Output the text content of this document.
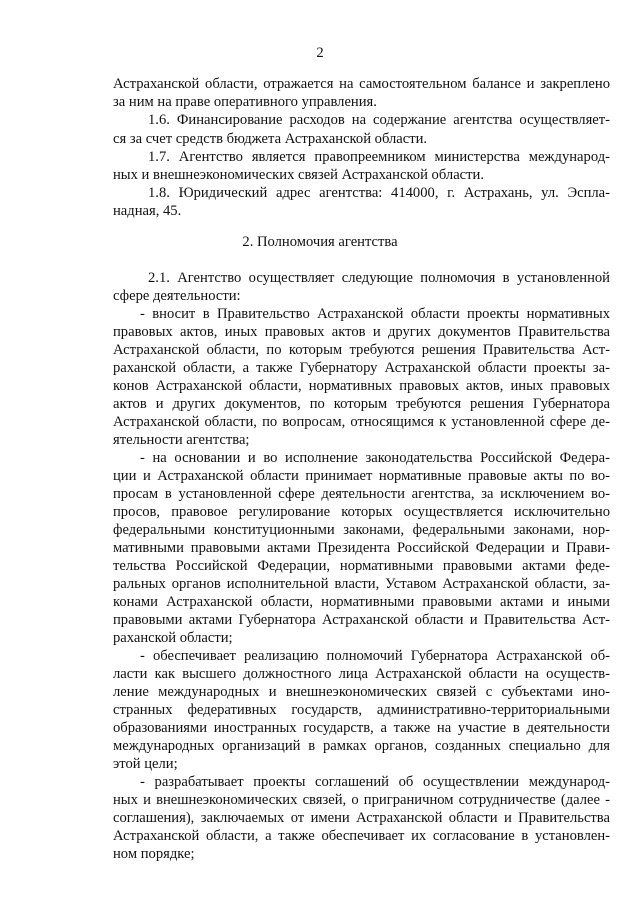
2
Астраханской области, отражается на самостоятельном балансе и закреплено
за ним на праве оперативного управления.
1.6. Финансирование расходов на содержание агентства осуществляет-
ся за счет средств бюджета Астраханской области.
1.7. Агентство является правопреемником министерства международ-
ных и внешнеэкономических связей Астраханской области.
1.8. Юридический адрес агентства: 414000, г. Астрахань, ул. Эспла-
надная, 45.
2. Полномочия агентства
2.1. Агентство осуществляет следующие полномочия в установленной
сфере деятельности:
- вносит в Правительство Астраханской области проекты нормативных
правовых актов, иных правовых актов и других документов Правительства
Астраханской области, по которым требуются решения Правительства Аст-
раханской области, а также Губернатору Астраханской области проекты за-
конов Астраханской области, нормативных правовых актов, иных правовых
актов и других документов, по которым требуются решения Губернатора
Астраханской области, по вопросам, относящимся к установленной сфере де-
ятельности агентства;
- на основании и во исполнение законодательства Российской Федера-
ции и Астраханской области принимает нормативные правовые акты по во-
просам в установленной сфере деятельности агентства, за исключением во-
просов, правовое регулирование которых осуществляется исключительно
федеральными конституционными законами, федеральными законами, нор-
мативными правовыми актами Президента Российской Федерации и Прави-
тельства Российской Федерации, нормативными правовыми актами феде-
ральных органов исполнительной власти, Уставом Астраханской области, за-
конами Астраханской области, нормативными правовыми актами и иными
правовыми актами Губернатора Астраханской области и Правительства Аст-
раханской области;
- обеспечивает реализацию полномочий Губернатора Астраханской об-
ласти как высшего должностного лица Астраханской области на осуществ-
ление международных и внешнеэкономических связей с субъектами ино-
странных федеративных государств, административно-территориальными
образованиями иностранных государств, а также на участие в деятельности
международных организаций в рамках органов, созданных специально для
этой цели;
- разрабатывает проекты соглашений об осуществлении международ-
ных и внешнеэкономических связей, о приграничном сотрудничестве (далее -
соглашения), заключаемых от имени Астраханской области и Правительства
Астраханской области, а также обеспечивает их согласование в установлен-
ном порядке;
